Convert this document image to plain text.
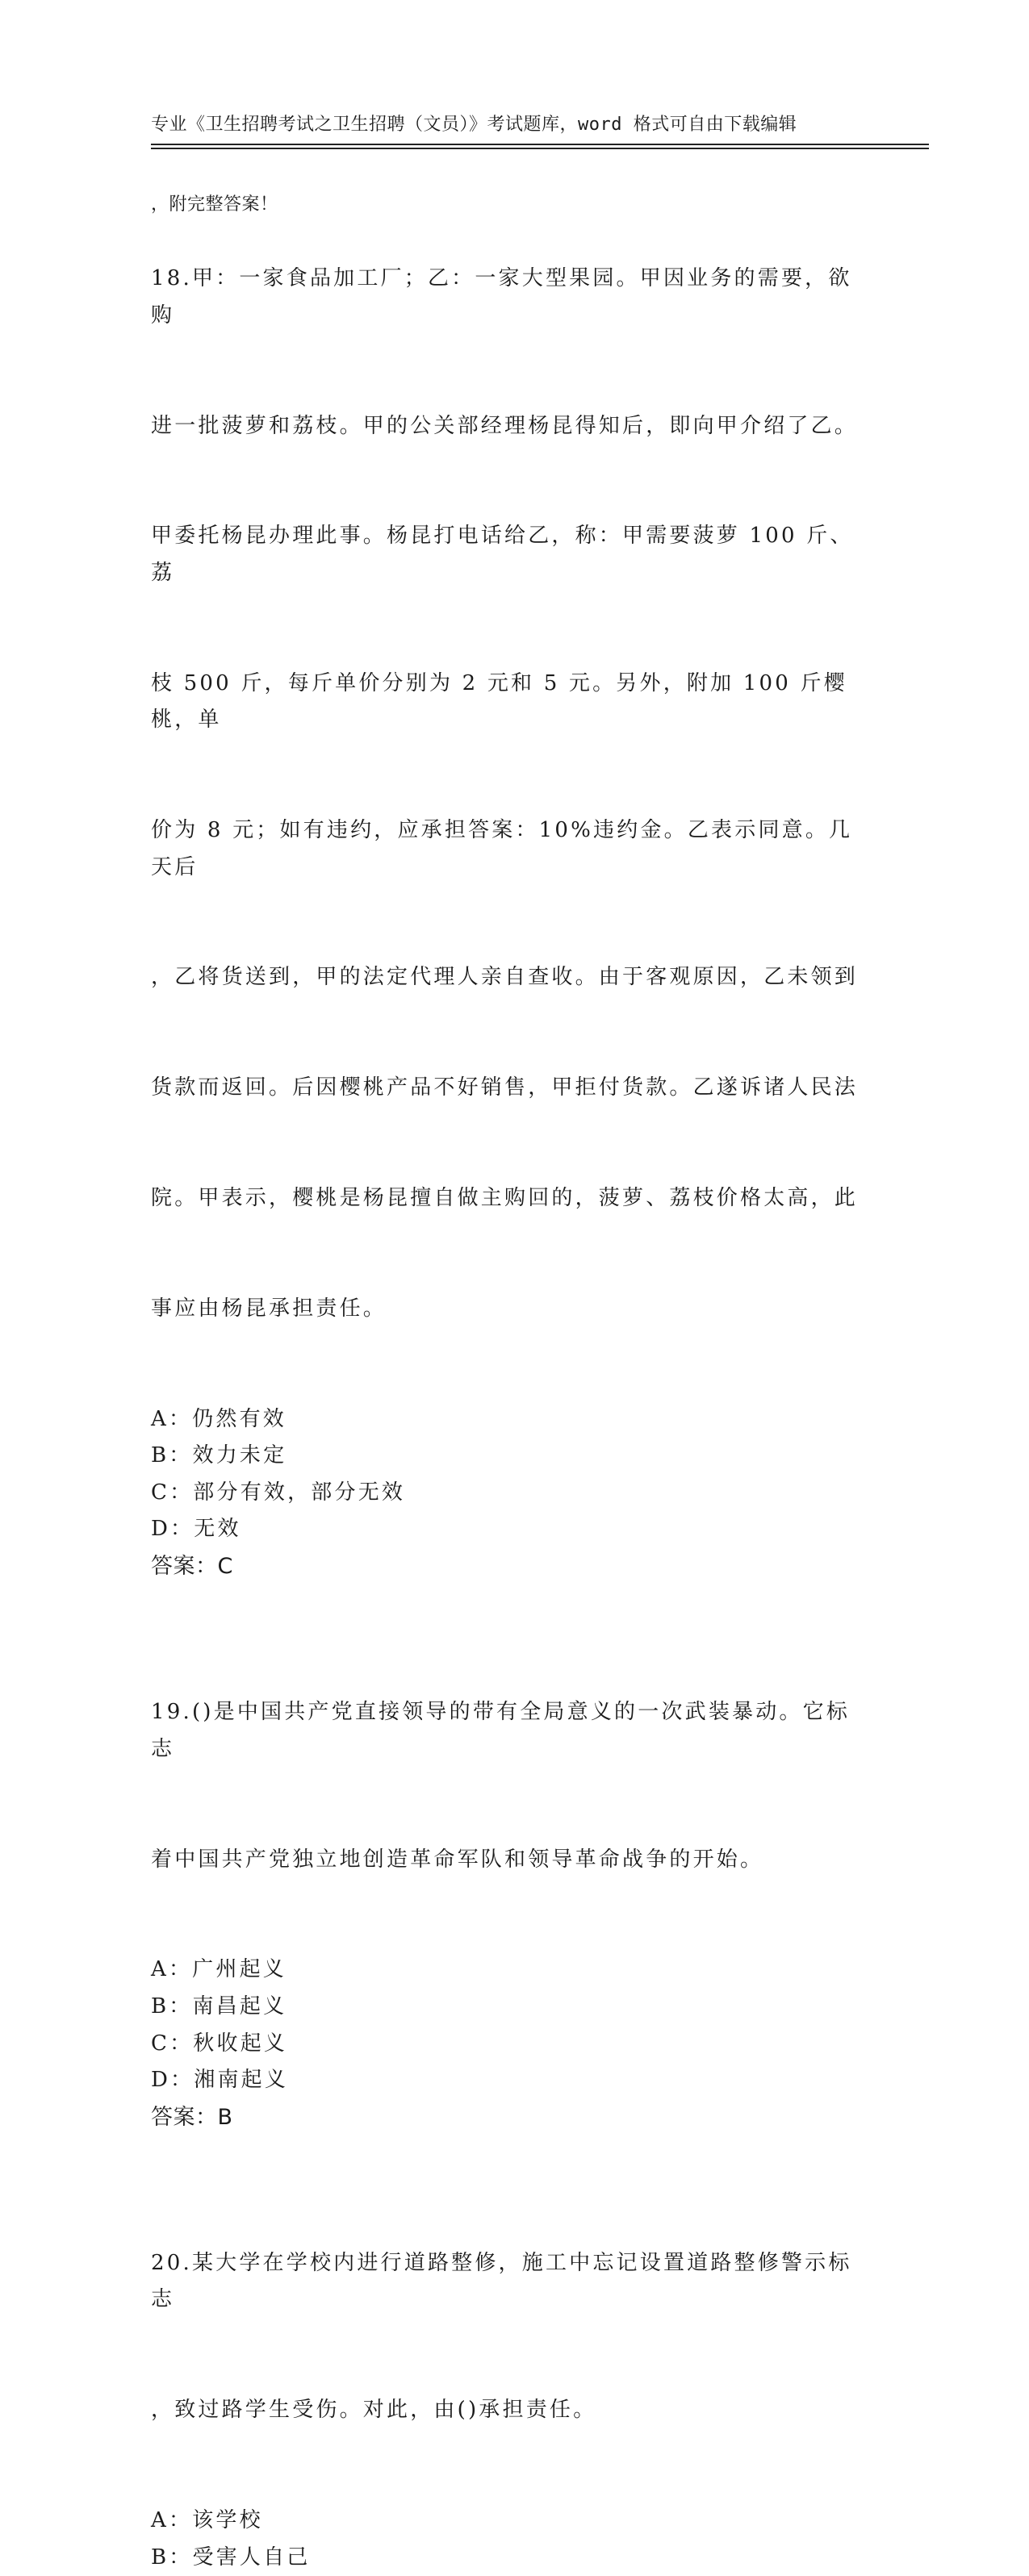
专业《卫生招聘考试之卫生招聘（文员）》考试题库，word 格式可自由下载编辑

，附完整答案！

18.甲：一家食品加工厂；乙：一家大型果园。甲因业务的需要，欲购

进一批菠萝和荔枝。甲的公关部经理杨昆得知后，即向甲介绍了乙。

甲委托杨昆办理此事。杨昆打电话给乙，称：甲需要菠萝 100 斤、荔

枝 500 斤，每斤单价分别为 2 元和 5 元。另外，附加 100 斤樱桃，单

价为 8 元；如有违约，应承担答案：10%违约金。乙表示同意。几天后

，乙将货送到，甲的法定代理人亲自查收。由于客观原因，乙未领到

货款而返回。后因樱桃产品不好销售，甲拒付货款。乙遂诉诸人民法

院。甲表示，樱桃是杨昆擅自做主购回的，菠萝、荔枝价格太高，此

事应由杨昆承担责任。

A：仍然有效
B：效力未定
C：部分有效，部分无效
D：无效
答案：C

19.()是中国共产党直接领导的带有全局意义的一次武装暴动。它标志

着中国共产党独立地创造革命军队和领导革命战争的开始。

A：广州起义
B：南昌起义
C：秋收起义
D：湘南起义
答案：B

20.某大学在学校内进行道路整修，施工中忘记设置道路整修警示标志

，致过路学生受伤。对此，由()承担责任。

A：该学校
B：受害人自己
